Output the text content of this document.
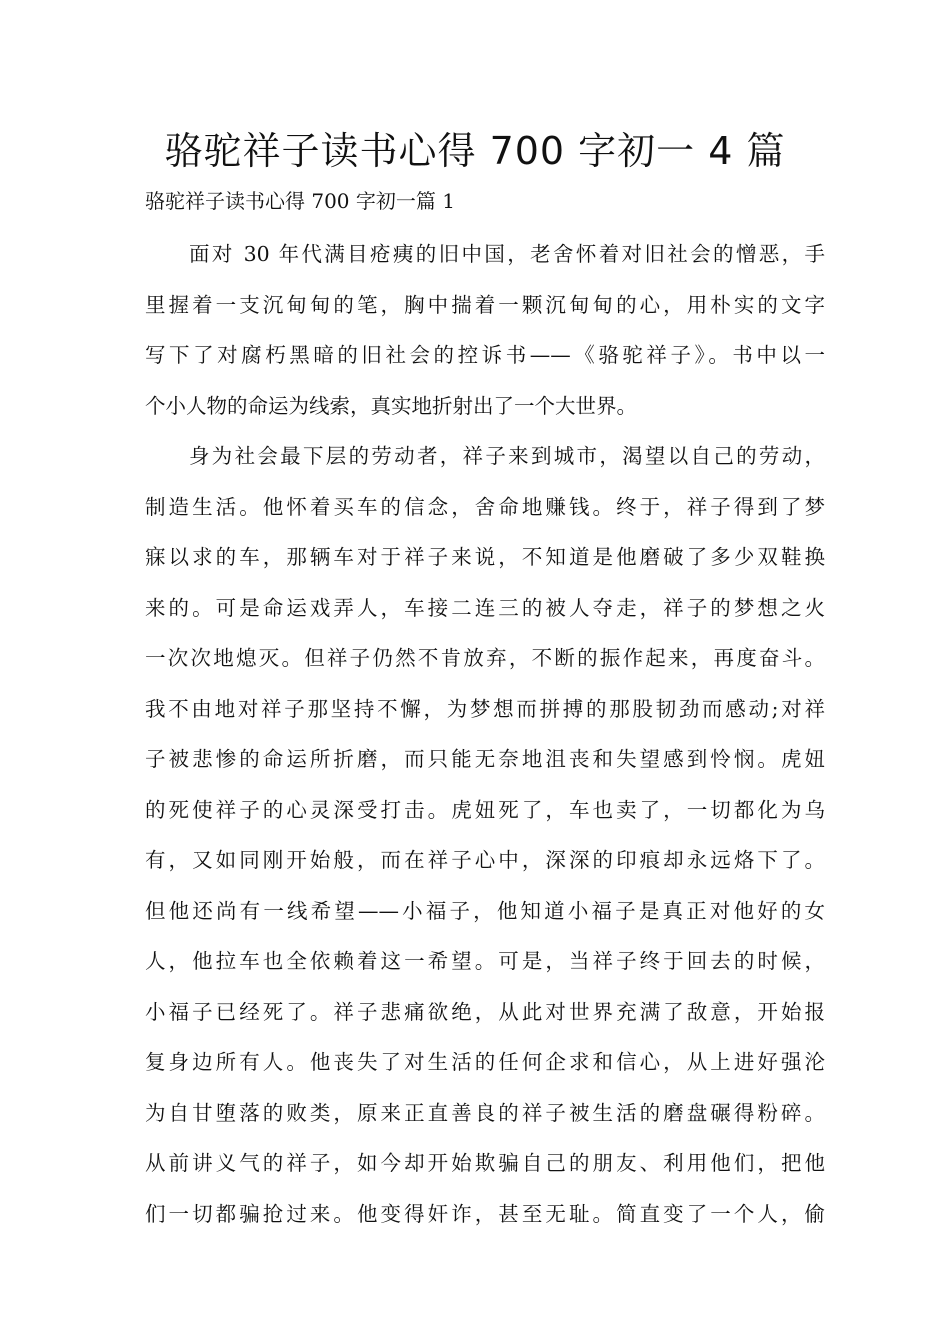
骆驼祥子读书心得 700 字初一 4 篇

骆驼祥子读书心得 700 字初一篇 1

面对 30 年代满目疮痍的旧中国，老舍怀着对旧社会的憎恶，手
里握着一支沉甸甸的笔，胸中揣着一颗沉甸甸的心，用朴实的文字
写下了对腐朽黑暗的旧社会的控诉书——《骆驼祥子》。书中以一
个小人物的命运为线索，真实地折射出了一个大世界。
身为社会最下层的劳动者，祥子来到城市，渴望以自己的劳动，
制造生活。他怀着买车的信念，舍命地赚钱。终于，祥子得到了梦
寐以求的车，那辆车对于祥子来说，不知道是他磨破了多少双鞋换
来的。可是命运戏弄人，车接二连三的被人夺走，祥子的梦想之火
一次次地熄灭。但祥子仍然不肯放弃，不断的振作起来，再度奋斗。
我不由地对祥子那坚持不懈，为梦想而拼搏的那股韧劲而感动;对祥
子被悲惨的命运所折磨，而只能无奈地沮丧和失望感到怜悯。虎妞
的死使祥子的心灵深受打击。虎妞死了，车也卖了，一切都化为乌
有，又如同刚开始般，而在祥子心中，深深的印痕却永远烙下了。
但他还尚有一线希望——小福子，他知道小福子是真正对他好的女
人，他拉车也全依赖着这一希望。可是，当祥子终于回去的时候，
小福子已经死了。祥子悲痛欲绝，从此对世界充满了敌意，开始报
复身边所有人。他丧失了对生活的任何企求和信心，从上进好强沦
为自甘堕落的败类，原来正直善良的祥子被生活的磨盘碾得粉碎。
从前讲义气的祥子，如今却开始欺骗自己的朋友、利用他们，把他
们一切都骗抢过来。他变得奸诈，甚至无耻。简直变了一个人，偷
